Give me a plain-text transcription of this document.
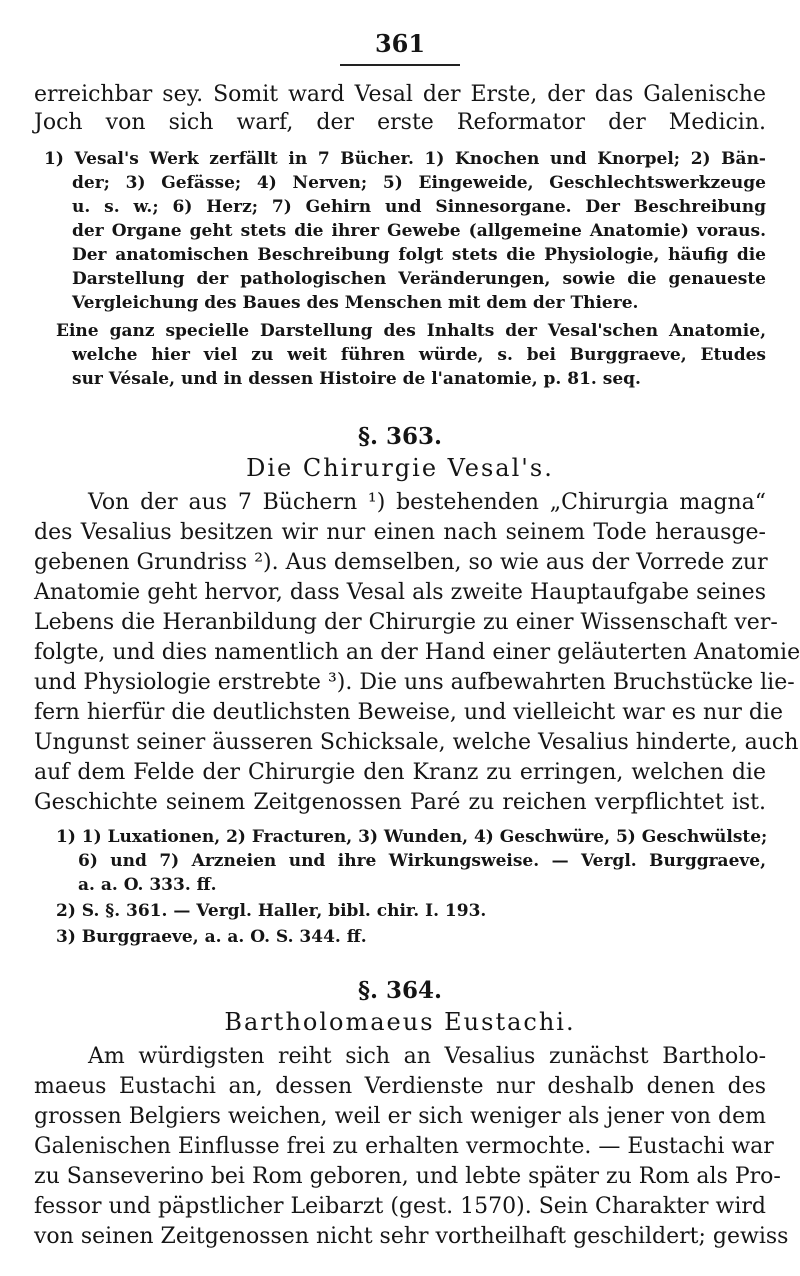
361
erreichbar sey. Somit ward Vesal der Erste, der das Galenische
Joch von sich warf, der erste Reformator der Medicin.
1) Vesal's Werk zerfällt in 7 Bücher. 1) Knochen und Knorpel; 2) Bän-
der; 3) Gefässe; 4) Nerven; 5) Eingeweide, Geschlechtswerkzeuge
u. s. w.; 6) Herz; 7) Gehirn und Sinnesorgane. Der Beschreibung
der Organe geht stets die ihrer Gewebe (allgemeine Anatomie) voraus.
Der anatomischen Beschreibung folgt stets die Physiologie, häufig die
Darstellung der pathologischen Veränderungen, sowie die genaueste
Vergleichung des Baues des Menschen mit dem der Thiere.
Eine ganz specielle Darstellung des Inhalts der Vesal'schen Anatomie,
welche hier viel zu weit führen würde, s. bei Burggraeve, Etudes
sur Vésale, und in dessen Histoire de l'anatomie, p. 81. seq.
§. 363.
Die Chirurgie Vesal's.
Von der aus 7 Büchern ¹) bestehenden „Chirurgia magna“
des Vesalius besitzen wir nur einen nach seinem Tode herausge-
gebenen Grundriss ²). Aus demselben, so wie aus der Vorrede zur
Anatomie geht hervor, dass Vesal als zweite Hauptaufgabe seines
Lebens die Heranbildung der Chirurgie zu einer Wissenschaft ver-
folgte, und dies namentlich an der Hand einer geläuterten Anatomie
und Physiologie erstrebte ³). Die uns aufbewahrten Bruchstücke lie-
fern hierfür die deutlichsten Beweise, und vielleicht war es nur die
Ungunst seiner äusseren Schicksale, welche Vesalius hinderte, auch
auf dem Felde der Chirurgie den Kranz zu erringen, welchen die
Geschichte seinem Zeitgenossen Paré zu reichen verpflichtet ist.
1) 1) Luxationen, 2) Fracturen, 3) Wunden, 4) Geschwüre, 5) Geschwülste;
6) und 7) Arzneien und ihre Wirkungsweise. — Vergl. Burggraeve,
a. a. O. 333. ff.
2) S. §. 361. — Vergl. Haller, bibl. chir. I. 193.
3) Burggraeve, a. a. O. S. 344. ff.
§. 364.
Bartholomaeus Eustachi.
Am würdigsten reiht sich an Vesalius zunächst Bartholo-
maeus Eustachi an, dessen Verdienste nur deshalb denen des
grossen Belgiers weichen, weil er sich weniger als jener von dem
Galenischen Einflusse frei zu erhalten vermochte. — Eustachi war
zu Sanseverino bei Rom geboren, und lebte später zu Rom als Pro-
fessor und päpstlicher Leibarzt (gest. 1570). Sein Charakter wird
von seinen Zeitgenossen nicht sehr vortheilhaft geschildert; gewiss
